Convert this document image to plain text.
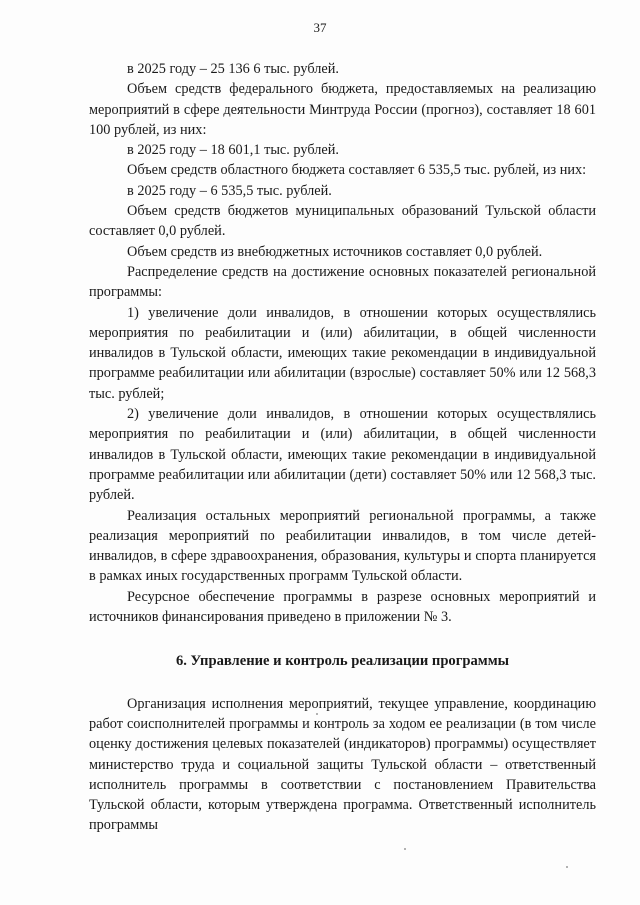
37

в 2025 году – 25 136 6 тыс. рублей.

Объем средств федерального бюджета, предоставляемых на реализацию мероприятий в сфере деятельности Минтруда России (прогноз), составляет 18 601 100 рублей, из них:

в 2025 году – 18 601,1 тыс. рублей.

Объем средств областного бюджета составляет 6 535,5 тыс. рублей, из них:

в 2025 году – 6 535,5 тыс. рублей.

Объем средств бюджетов муниципальных образований Тульской области составляет 0,0 рублей.

Объем средств из внебюджетных источников составляет 0,0 рублей.

Распределение средств на достижение основных показателей региональной программы:

1) увеличение доли инвалидов, в отношении которых осуществлялись мероприятия по реабилитации и (или) абилитации, в общей численности инвалидов в Тульской области, имеющих такие рекомендации в индивидуальной программе реабилитации или абилитации (взрослые) составляет 50% или 12 568,3 тыс. рублей;

2) увеличение доли инвалидов, в отношении которых осуществлялись мероприятия по реабилитации и (или) абилитации, в общей численности инвалидов в Тульской области, имеющих такие рекомендации в индивидуальной программе реабилитации или абилитации (дети) составляет 50% или 12 568,3 тыс. рублей.

Реализация остальных мероприятий региональной программы, а также реализация мероприятий по реабилитации инвалидов, в том числе детей-инвалидов, в сфере здравоохранения, образования, культуры и спорта планируется в рамках иных государственных программ Тульской области.

Ресурсное обеспечение программы в разрезе основных мероприятий и источников финансирования приведено в приложении № 3.

6. Управление и контроль реализации программы

Организация исполнения мероприятий, текущее управление, координацию работ соисполнителей программы и контроль за ходом ее реализации (в том числе оценку достижения целевых показателей (индикаторов) программы) осуществляет министерство труда и социальной защиты Тульской области – ответственный исполнитель программы в соответствии с постановлением Правительства Тульской области, которым утверждена программа. Ответственный исполнитель программы
